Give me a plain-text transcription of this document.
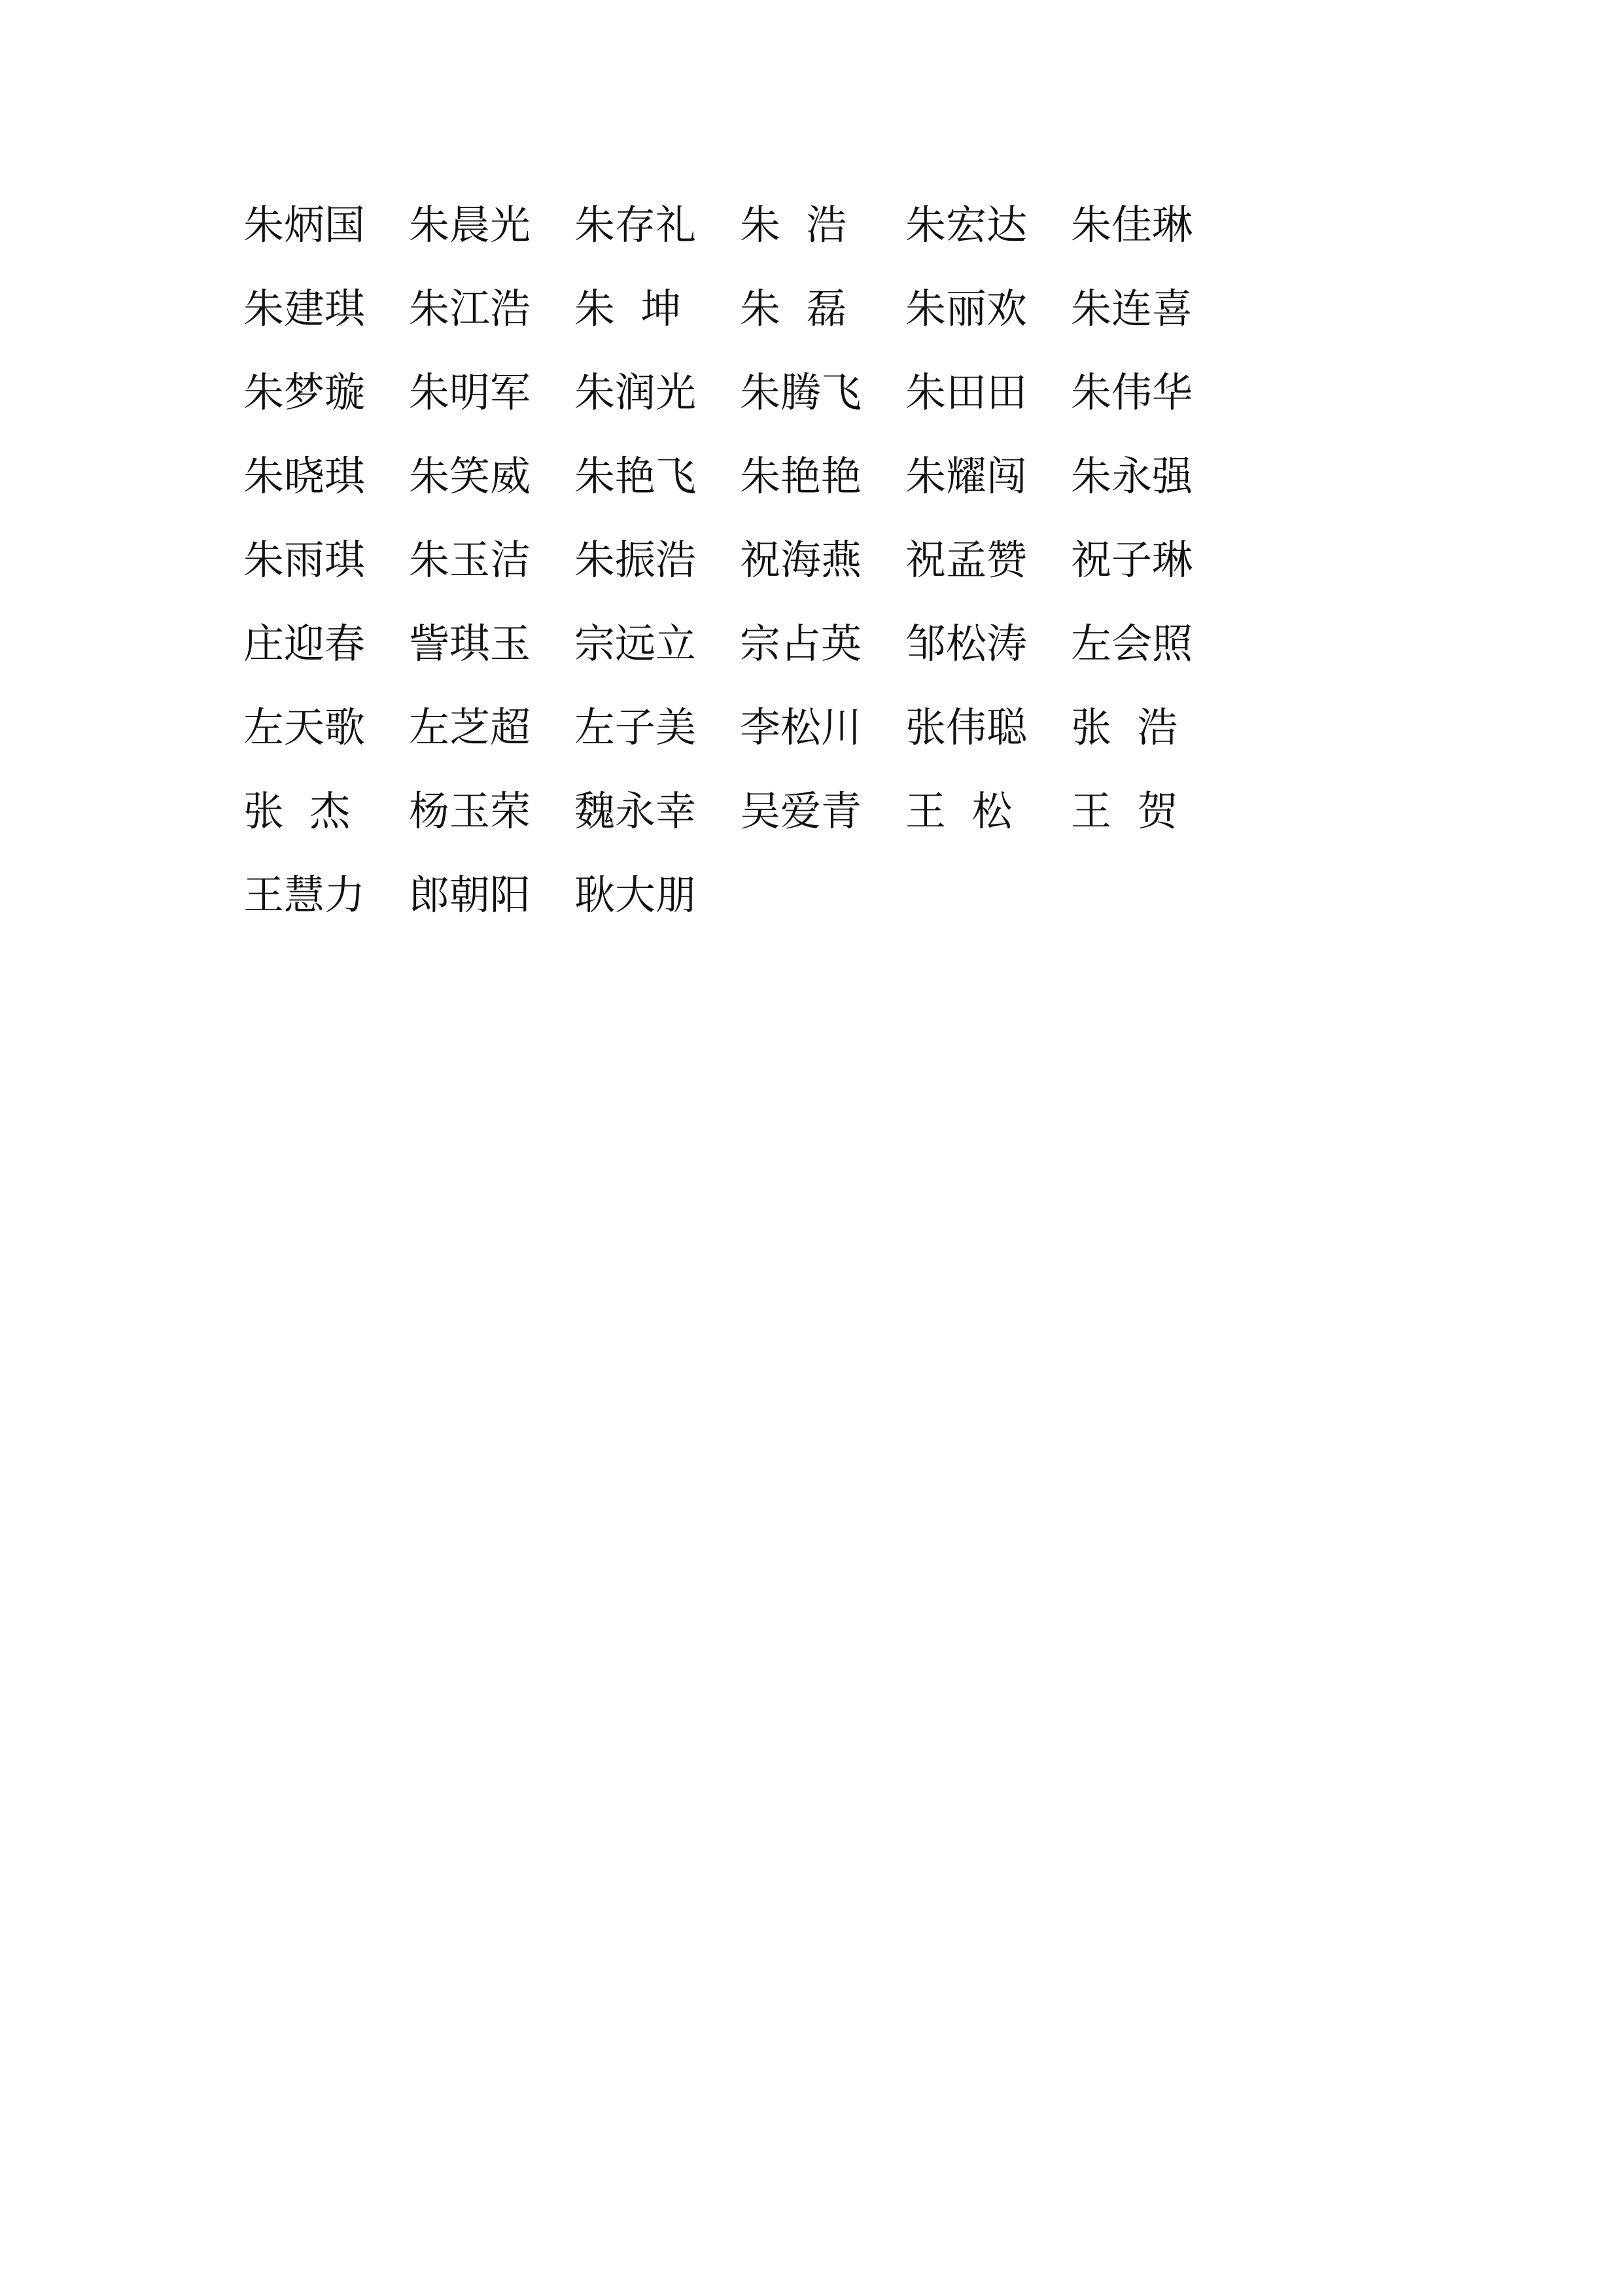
朱炳国	朱晨光	朱存礼	朱  浩	朱宏达	朱佳琳
朱建琪	朱江浩	朱  坤	朱  磊	朱丽欢	朱连喜
朱梦璇	朱明军	朱润光	朱腾飞	朱田田	朱伟华
朱晓琪	朱笑威	朱艳飞	朱艳艳	朱耀闯	朱永强
朱雨琪	朱玉洁	朱振浩	祝海燕	祝孟赞	祝子琳
庄迎春	訾琪玉	宗远立	宗占英	邹松涛	左会照
左天歌	左芝超	左子美	李松川	张伟聪	张  浩
张  杰	杨玉荣	魏永幸	吴爱青	王  松	王  贺
王慧力	郎朝阳	耿大朋
